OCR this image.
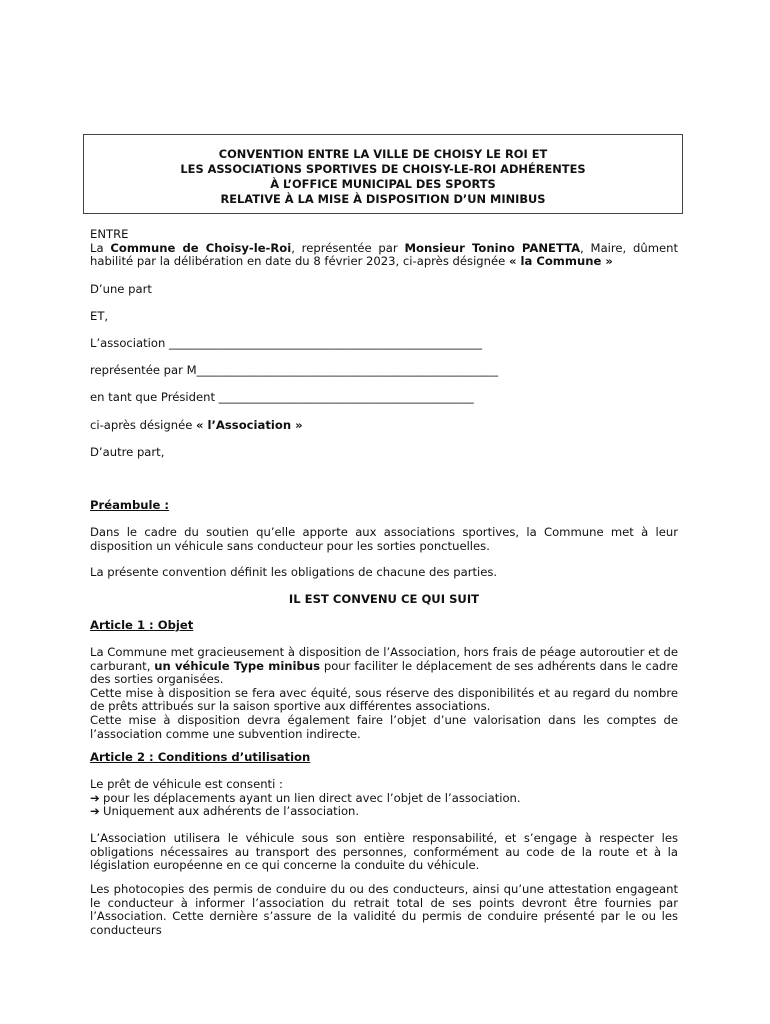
CONVENTION ENTRE LA VILLE DE CHOISY LE ROI ET
LES ASSOCIATIONS SPORTIVES DE CHOISY-LE-ROI ADHÉRENTES
À L’OFFICE MUNICIPAL DES SPORTS
RELATIVE À LA MISE À DISPOSITION D’UN MINIBUS
ENTRE
La Commune de Choisy-le-Roi, représentée par Monsieur Tonino PANETTA, Maire, dûment
habilité par la délibération en date du 8 février 2023, ci-après désignée « la Commune »
D’une part
ET,
L’association ______________________________________________________
représentée par M____________________________________________________
en tant que Président ____________________________________________
ci-après désignée « l’Association »
D’autre part,
Préambule :
Dans le cadre du soutien qu’elle apporte aux associations sportives, la Commune met à leur
disposition un véhicule sans conducteur pour les sorties ponctuelles.
La présente convention définit les obligations de chacune des parties.
IL EST CONVENU CE QUI SUIT
Article 1 : Objet
La Commune met gracieusement à disposition de l’Association, hors frais de péage autoroutier et de
carburant, un véhicule Type minibus pour faciliter le déplacement de ses adhérents dans le cadre
des sorties organisées.
Cette mise à disposition se fera avec équité, sous réserve des disponibilités et au regard du nombre
de prêts attribués sur la saison sportive aux différentes associations.
Cette mise à disposition devra également faire l’objet d’une valorisation dans les comptes de
l’association comme une subvention indirecte.
Article 2 : Conditions d’utilisation
Le prêt de véhicule est consenti :
➔ pour les déplacements ayant un lien direct avec l’objet de l’association.
➔ Uniquement aux adhérents de l’association.
L’Association utilisera le véhicule sous son entière responsabilité, et s’engage à respecter les
obligations nécessaires au transport des personnes, conformément au code de la route et à la
législation européenne en ce qui concerne la conduite du véhicule.
Les photocopies des permis de conduire du ou des conducteurs, ainsi qu’une attestation engageant
le conducteur à informer l’association du retrait total de ses points devront être fournies par
l’Association. Cette dernière s’assure de la validité du permis de conduire présenté par le ou les
conducteurs
